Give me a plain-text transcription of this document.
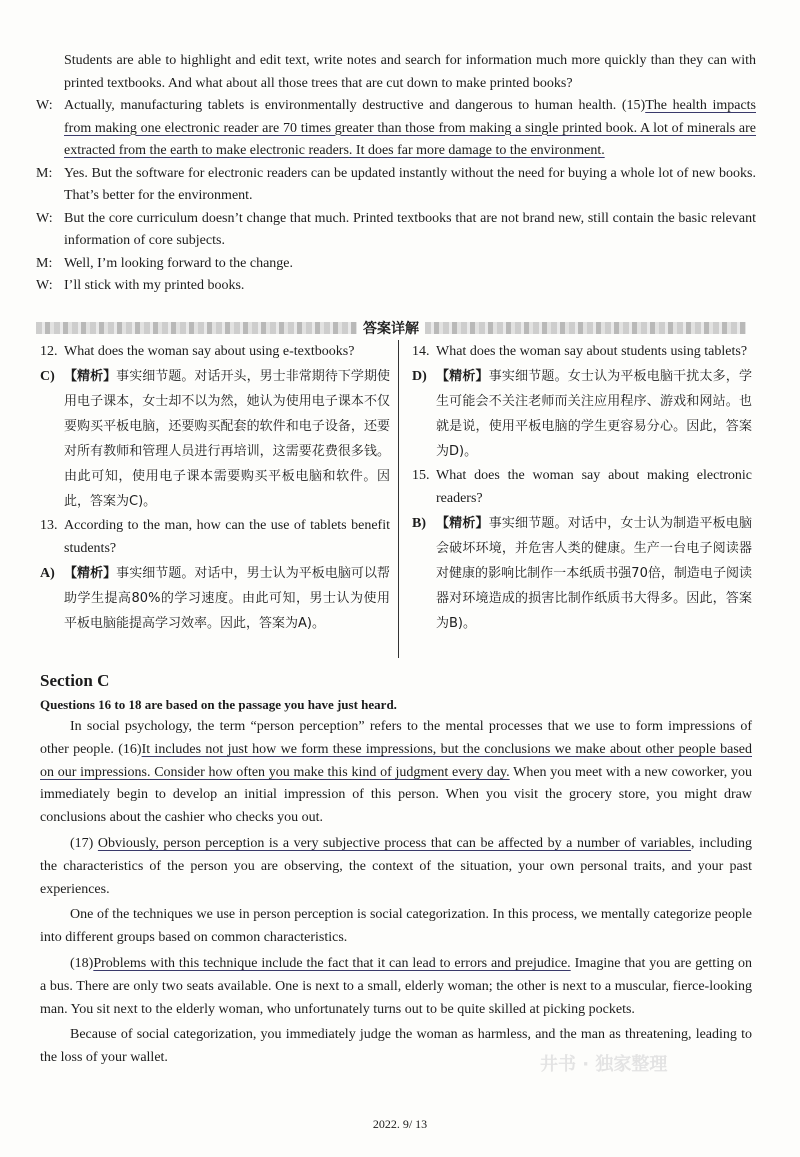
Students are able to highlight and edit text, write notes and search for information much more quickly than they can with printed textbooks. And what about all those trees that are cut down to make printed books?

W: Actually, manufacturing tablets is environmentally destructive and dangerous to human health. (15)The health impacts from making one electronic reader are 70 times greater than those from making a single printed book. A lot of minerals are extracted from the earth to make electronic readers. It does far more damage to the environment.
M: Yes. But the software for electronic readers can be updated instantly without the need for buying a whole lot of new books. That’s better for the environment.
W: But the core curriculum doesn’t change that much. Printed textbooks that are not brand new, still contain the basic relevant information of core subjects.
M: Well, I’m looking forward to the change.
W: I’ll stick with my printed books.
答案详解
12. What does the woman say about using e-textbooks?
C) 【精析】事实细节题。对话开头，男士非常期待下学期使用电子课本，女士却不以为然，她认为使用电子课本不仅要购买平板电脑，还要购买配套的软件和电子设备，还要对所有教师和管理人员进行再培训，这需要花费很多钱。由此可知，使用电子课本需要购买平板电脑和软件。因此，答案为C)。
13. According to the man, how can the use of tablets benefit students?
A) 【精析】事实细节题。对话中，男士认为平板电脑可以帮助学生提高80%的学习速度。由此可知，男士认为使用平板电脑能提高学习效率。因此，答案为A)。
14. What does the woman say about students using tablets?
D) 【精析】事实细节题。女士认为平板电脑干扰太多，学生可能会不关注老师而关注应用程序、游戏和网站。也就是说，使用平板电脑的学生更容易分心。因此，答案为D)。
15. What does the woman say about making electronic readers?
B) 【精析】事实细节题。对话中，女士认为制造平板电脑会破坏环境，并危害人类的健康。生产一台电子阅读器对健康的影响比制作一本纸质书强70倍，制造电子阅读器对环境造成的损害比制作纸质书大得多。因此，答案为B)。
Section C
Questions 16 to 18 are based on the passage you have just heard.

In social psychology, the term “person perception” refers to the mental processes that we use to form impressions of other people. (16)It includes not just how we form these impressions, but the conclusions we make about other people based on our impressions. Consider how often you make this kind of judgment every day. When you meet with a new coworker, you immediately begin to develop an initial impression of this person. When you visit the grocery store, you might draw conclusions about the cashier who checks you out.

(17) Obviously, person perception is a very subjective process that can be affected by a number of variables, including the characteristics of the person you are observing, the context of the situation, your own personal traits, and your past experiences.

One of the techniques we use in person perception is social categorization. In this process, we mentally categorize people into different groups based on common characteristics.

(18)Problems with this technique include the fact that it can lead to errors and prejudice. Imagine that you are getting on a bus. There are only two seats available. One is next to a small, elderly woman; the other is next to a muscular, fierce-looking man. You sit next to the elderly woman, who unfortunately turns out to be quite skilled at picking pockets.

Because of social categorization, you immediately judge the woman as harmless, and the man as threatening, leading to the loss of your wallet.	井书 · 独家整理
2022. 9/ 13
